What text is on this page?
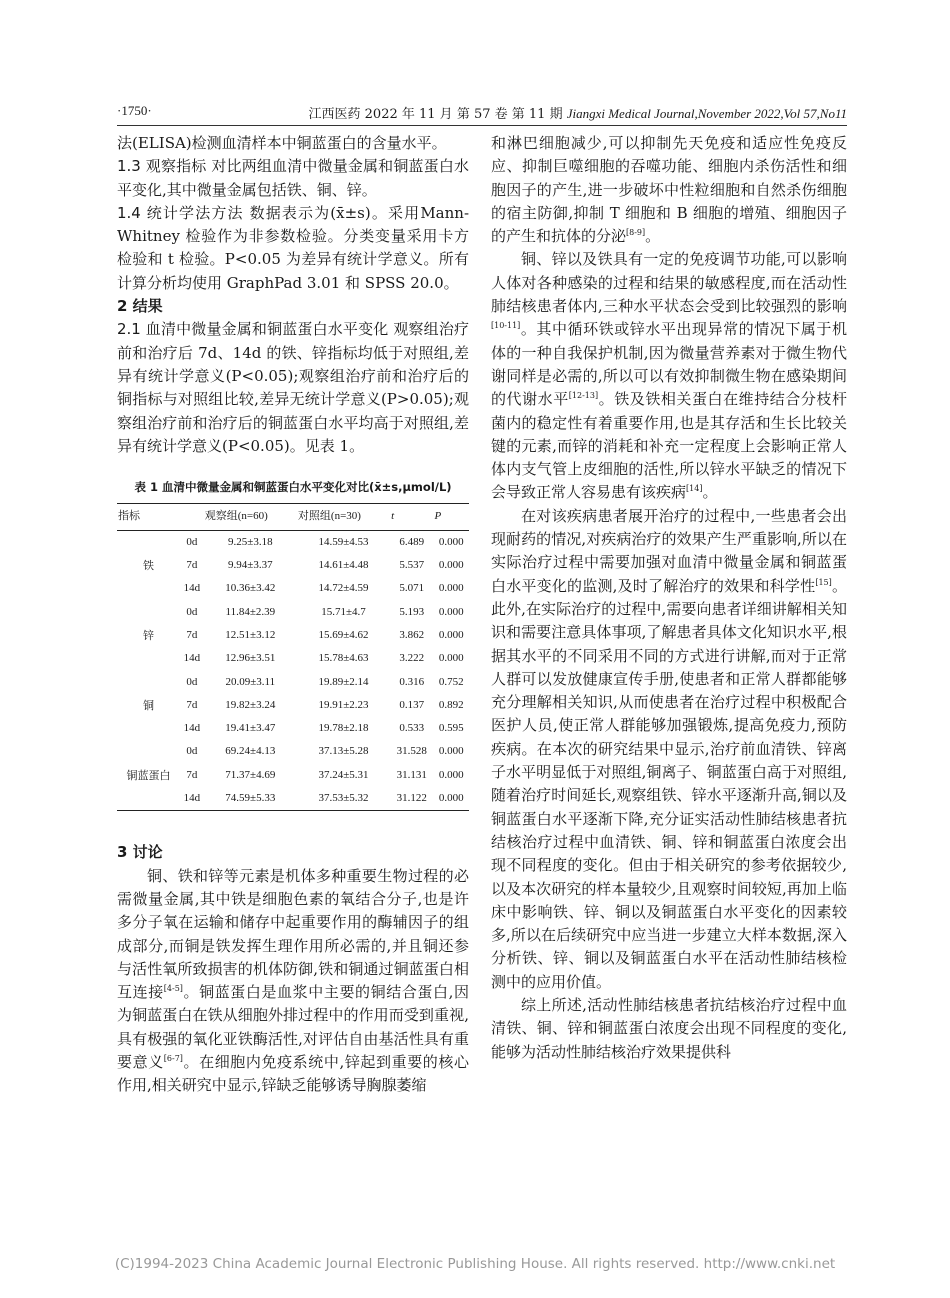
·1750·	江西医药 2022 年 11 月 第 57 卷 第 11 期 Jiangxi Medical Journal,November 2022,Vol 57,No11

法(ELISA)检测血清样本中铜蓝蛋白的含量水平。

1.3 观察指标 对比两组血清中微量金属和铜蓝蛋白水平变化,其中微量金属包括铁、铜、锌。

1.4 统计学法方法 数据表示为(x̄±s)。采用Mann-Whitney 检验作为非参数检验。分类变量采用卡方检验和 t 检验。P<0.05 为差异有统计学意义。所有计算分析均使用 GraphPad 3.01 和 SPSS 20.0。

2 结果

2.1 血清中微量金属和铜蓝蛋白水平变化 观察组治疗前和治疗后 7d、14d 的铁、锌指标均低于对照组,差异有统计学意义(P<0.05);观察组治疗前和治疗后的铜指标与对照组比较,差异无统计学意义(P>0.05);观察组治疗前和治疗后的铜蓝蛋白水平均高于对照组,差异有统计学意义(P<0.05)。见表 1。

表 1 血清中微量金属和铜蓝蛋白水平变化对比(x̄±s,μmol/L)
指标		观察组(n=60)	对照组(n=30)	t	P
铁	0d	9.25±3.18	14.59±4.53	6.489	0.000
	7d	9.94±3.37	14.61±4.48	5.537	0.000
	14d	10.36±3.42	14.72±4.59	5.071	0.000
锌	0d	11.84±2.39	15.71±4.7	5.193	0.000
	7d	12.51±3.12	15.69±4.62	3.862	0.000
	14d	12.96±3.51	15.78±4.63	3.222	0.000
铜	0d	20.09±3.11	19.89±2.14	0.316	0.752
	7d	19.82±3.24	19.91±2.23	0.137	0.892
	14d	19.41±3.47	19.78±2.18	0.533	0.595
铜蓝蛋白	0d	69.24±4.13	37.13±5.28	31.528	0.000
	7d	71.37±4.69	37.24±5.31	31.131	0.000
	14d	74.59±5.33	37.53±5.32	31.122	0.000
3 讨论

铜、铁和锌等元素是机体多种重要生物过程的必需微量金属,其中铁是细胞色素的氧结合分子,也是许多分子氧在运输和储存中起重要作用的酶辅因子的组成部分,而铜是铁发挥生理作用所必需的,并且铜还参与活性氧所致损害的机体防御,铁和铜通过铜蓝蛋白相互连接[4-5]。铜蓝蛋白是血浆中主要的铜结合蛋白,因为铜蓝蛋白在铁从细胞外排过程中的作用而受到重视,具有极强的氧化亚铁酶活性,对评估自由基活性具有重要意义[6-7]。在细胞内免疫系统中,锌起到重要的核心作用,相关研究中显示,锌缺乏能够诱导胸腺萎缩

和淋巴细胞减少,可以抑制先天免疫和适应性免疫反应、抑制巨噬细胞的吞噬功能、细胞内杀伤活性和细胞因子的产生,进一步破坏中性粒细胞和自然杀伤细胞的宿主防御,抑制 T 细胞和 B 细胞的增殖、细胞因子的产生和抗体的分泌[8-9]。

铜、锌以及铁具有一定的免疫调节功能,可以影响人体对各种感染的过程和结果的敏感程度,而在活动性肺结核患者体内,三种水平状态会受到比较强烈的影响[10-11]。其中循环铁或锌水平出现异常的情况下属于机体的一种自我保护机制,因为微量营养素对于微生物代谢同样是必需的,所以可以有效抑制微生物在感染期间的代谢水平[12-13]。铁及铁相关蛋白在维持结合分枝杆菌内的稳定性有着重要作用,也是其存活和生长比较关键的元素,而锌的消耗和补充一定程度上会影响正常人体内支气管上皮细胞的活性,所以锌水平缺乏的情况下会导致正常人容易患有该疾病[14]。

在对该疾病患者展开治疗的过程中,一些患者会出现耐药的情况,对疾病治疗的效果产生严重影响,所以在实际治疗过程中需要加强对血清中微量金属和铜蓝蛋白水平变化的监测,及时了解治疗的效果和科学性[15]。此外,在实际治疗的过程中,需要向患者详细讲解相关知识和需要注意具体事项,了解患者具体文化知识水平,根据其水平的不同采用不同的方式进行讲解,而对于正常人群可以发放健康宣传手册,使患者和正常人群都能够充分理解相关知识,从而使患者在治疗过程中积极配合医护人员,使正常人群能够加强锻炼,提高免疫力,预防疾病。在本次的研究结果中显示,治疗前血清铁、锌离子水平明显低于对照组,铜离子、铜蓝蛋白高于对照组,随着治疗时间延长,观察组铁、锌水平逐渐升高,铜以及铜蓝蛋白水平逐渐下降,充分证实活动性肺结核患者抗结核治疗过程中血清铁、铜、锌和铜蓝蛋白浓度会出现不同程度的变化。但由于相关研究的参考依据较少,以及本次研究的样本量较少,且观察时间较短,再加上临床中影响铁、锌、铜以及铜蓝蛋白水平变化的因素较多,所以在后续研究中应当进一步建立大样本数据,深入分析铁、锌、铜以及铜蓝蛋白水平在活动性肺结核检测中的应用价值。

综上所述,活动性肺结核患者抗结核治疗过程中血清铁、铜、锌和铜蓝蛋白浓度会出现不同程度的变化,能够为活动性肺结核治疗效果提供科

(C)1994-2023 China Academic Journal Electronic Publishing House. All rights reserved. http://www.cnki.net
